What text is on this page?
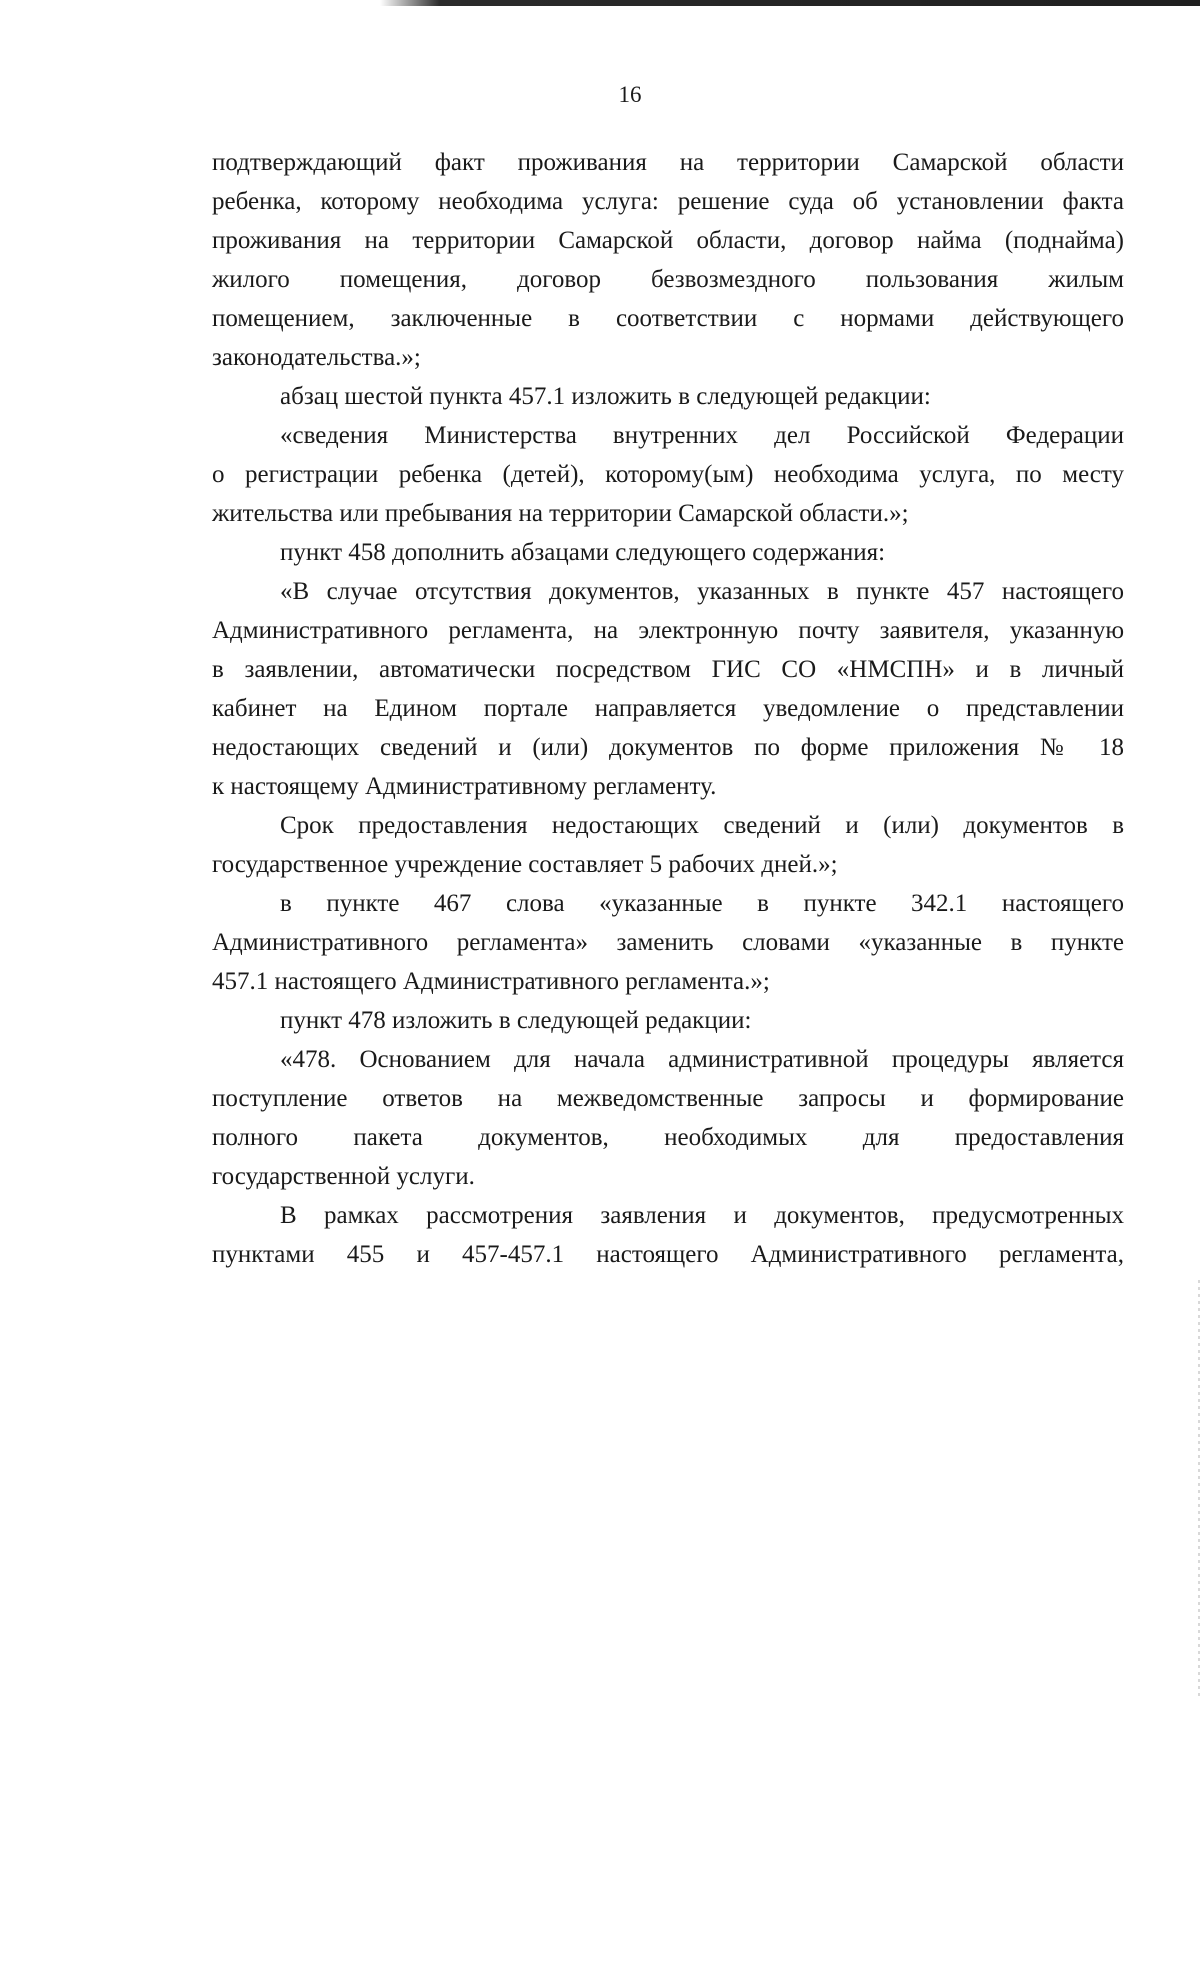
16
подтверждающий факт проживания на территории Самарской области
ребенка, которому необходима услуга: решение суда об установлении факта
проживания на территории Самарской области, договор найма (поднайма)
жилого помещения, договор безвозмездного пользования жилым
помещением, заключенные в соответствии с нормами действующего
законодательства.»;
абзац шестой пункта 457.1 изложить в следующей редакции:
«сведения Министерства внутренних дел Российской Федерации
о регистрации ребенка (детей), которому(ым) необходима услуга, по месту
жительства или пребывания на территории Самарской области.»;
пункт 458 дополнить абзацами следующего содержания:
«В случае отсутствия документов, указанных в пункте 457 настоящего
Административного регламента, на электронную почту заявителя, указанную
в заявлении, автоматически посредством ГИС СО «НМСПН» и в личный
кабинет на Едином портале направляется уведомление о представлении
недостающих сведений и (или) документов по форме приложения № 18
к настоящему Административному регламенту.
Срок предоставления недостающих сведений и (или) документов в
государственное учреждение составляет 5 рабочих дней.»;
в пункте 467 слова «указанные в пункте 342.1 настоящего
Административного регламента» заменить словами «указанные в пункте
457.1 настоящего Административного регламента.»;
пункт 478 изложить в следующей редакции:
«478. Основанием для начала административной процедуры является
поступление ответов на межведомственные запросы и формирование
полного пакета документов, необходимых для предоставления
государственной услуги.
В рамках рассмотрения заявления и документов, предусмотренных
пунктами 455 и 457-457.1 настоящего Административного регламента,
